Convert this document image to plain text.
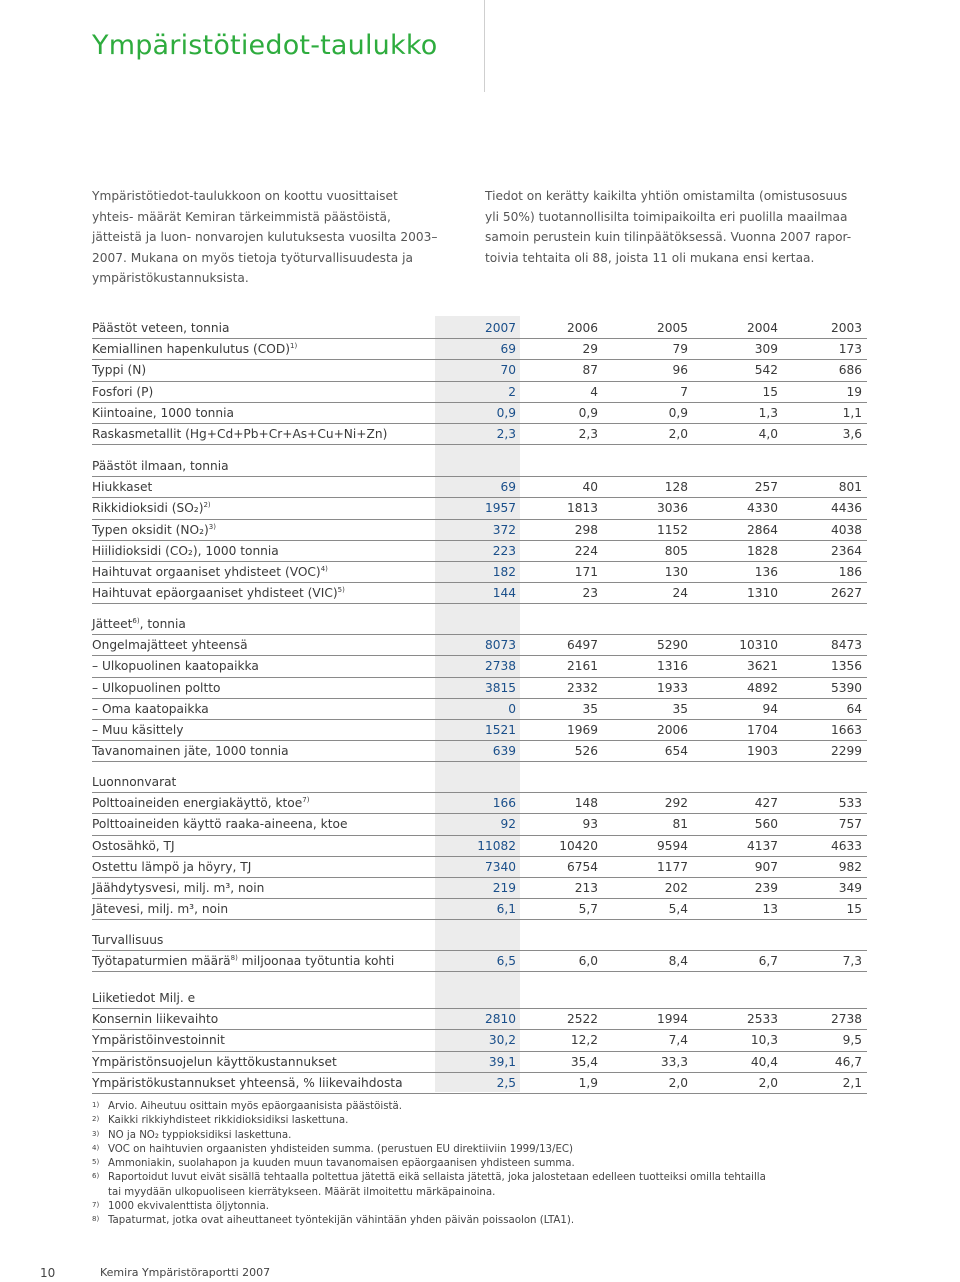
Ympäristötiedot-taulukko

Ympäristötiedot-taulukkoon on koottu vuosittaiset yhteis- määrät Kemiran tärkeimmistä päästöistä, jätteistä ja luon- nonvarojen kulutuksesta vuosilta 2003–2007. Mukana on myös tietoja työturvallisuudesta ja ympäristökustannuksista.

Tiedot on kerätty kaikilta yhtiön omistamilta (omistusosuus yli 50%) tuotannollisilta toimipaikoilta eri puolilla maailmaa samoin perustein kuin tilinpäätöksessä. Vuonna 2007 rapor- toivia tehtaita oli 88, joista 11 oli mukana ensi kertaa.

Päästöt veteen, tonnia	2007	2006	2005	2004	2003
Kemiallinen hapenkulutus (COD)$^{1)}$	69	29	79	309	173
Typpi (N)	70	87	96	542	686
Fosfori (P)	2	4	7	15	19
Kiintoaine, 1000 tonnia	0,9	0,9	0,9	1,3	1,1
Raskasmetallit (Hg+Cd+Pb+Cr+As+Cu+Ni+Zn)	2,3	2,3	2,0	4,0	3,6
Päästöt ilmaan, tonnia
Hiukkaset	69	40	128	257	801
Rikkidioksidi $(SO_2)^{2)}$	1957	1813	3036	4330	4436
Typen oksidit $(NO_2)^{3)}$	372	298	1152	2864	4038
Hiilidioksidi (CO₂), 1000 tonnia	223	224	805	1828	2364
Haihtuvat orgaaniset yhdisteet (VOC)$^{4)}$	182	171	130	136	186
Haihtuvat epäorgaaniset yhdisteet (VIC)$^{5)}$	144	23	24	1310	2627
Jätteet$^{6)}$, tonnia
Ongelmajätteet yhteensä	8073	6497	5290	10310	8473
– Ulkopuolinen kaatopaikka	2738	2161	1316	3621	1356
– Ulkopuolinen poltto	3815	2332	1933	4892	5390
– Oma kaatopaikka	0	35	35	94	64
– Muu käsittely	1521	1969	2006	1704	1663
Tavanomainen jäte, 1000 tonnia	639	526	654	1903	2299
Luonnonvarat
Polttoaineiden energiakäyttö, ktoe$^{7)}$	166	148	292	427	533
Polttoaineiden käyttö raaka-aineena, ktoe	92	93	81	560	757
Ostosähkö, TJ	11082	10420	9594	4137	4633
Ostettu lämpö ja höyry, TJ	7340	6754	1177	907	982
Jäähdytysvesi, milj. m³, noin	219	213	202	239	349
Jätevesi, milj. m³, noin	6,1	5,7	5,4	13	15
Turvallisuus
Työtapaturmien määrä$^{8)}$ miljoonaa työtuntia kohti	6,5	6,0	8,4	6,7	7,3
Liiketiedot Milj. e
Konsernin liikevaihto	2810	2522	1994	2533	2738
Ympäristöinvestoinnit	30,2	12,2	7,4	10,3	9,5
Ympäristönsuojelun käyttökustannukset	39,1	35,4	33,3	40,4	46,7
Ympäristökustannukset yhteensä, % liikevaihdosta	2,5	1,9	2,0	2,0	2,1
1) Arvio. Aiheutuu osittain myös epäorgaanisista päästöistä.
2) Kaikki rikkiyhdisteet rikkidioksidiksi laskettuna.
3) NO ja NO₂ typpioksidiksi laskettuna.
4) VOC on haihtuvien orgaanisten yhdisteiden summa. (perustuen EU direktiiviin 1999/13/EC)
5) Ammoniakin, suolahapon ja kuuden muun tavanomaisen epäorgaanisen yhdisteen summa.
6) Raportoidut luvut eivät sisällä tehtaalla poltettua jätettä eikä sellaista jätettä, joka jalostetaan edelleen tuotteiksi omilla tehtailla
tai myydään ulkopuoliseen kierrätykseen. Määrät ilmoitettu märkäpainoina.
7) 1000 ekvivalenttista öljytonnia.
8) Tapaturmat, jotka ovat aiheuttaneet työntekijän vähintään yhden päivän poissaolon (LTA1).
10	Kemira Ympäristöraportti 2007
